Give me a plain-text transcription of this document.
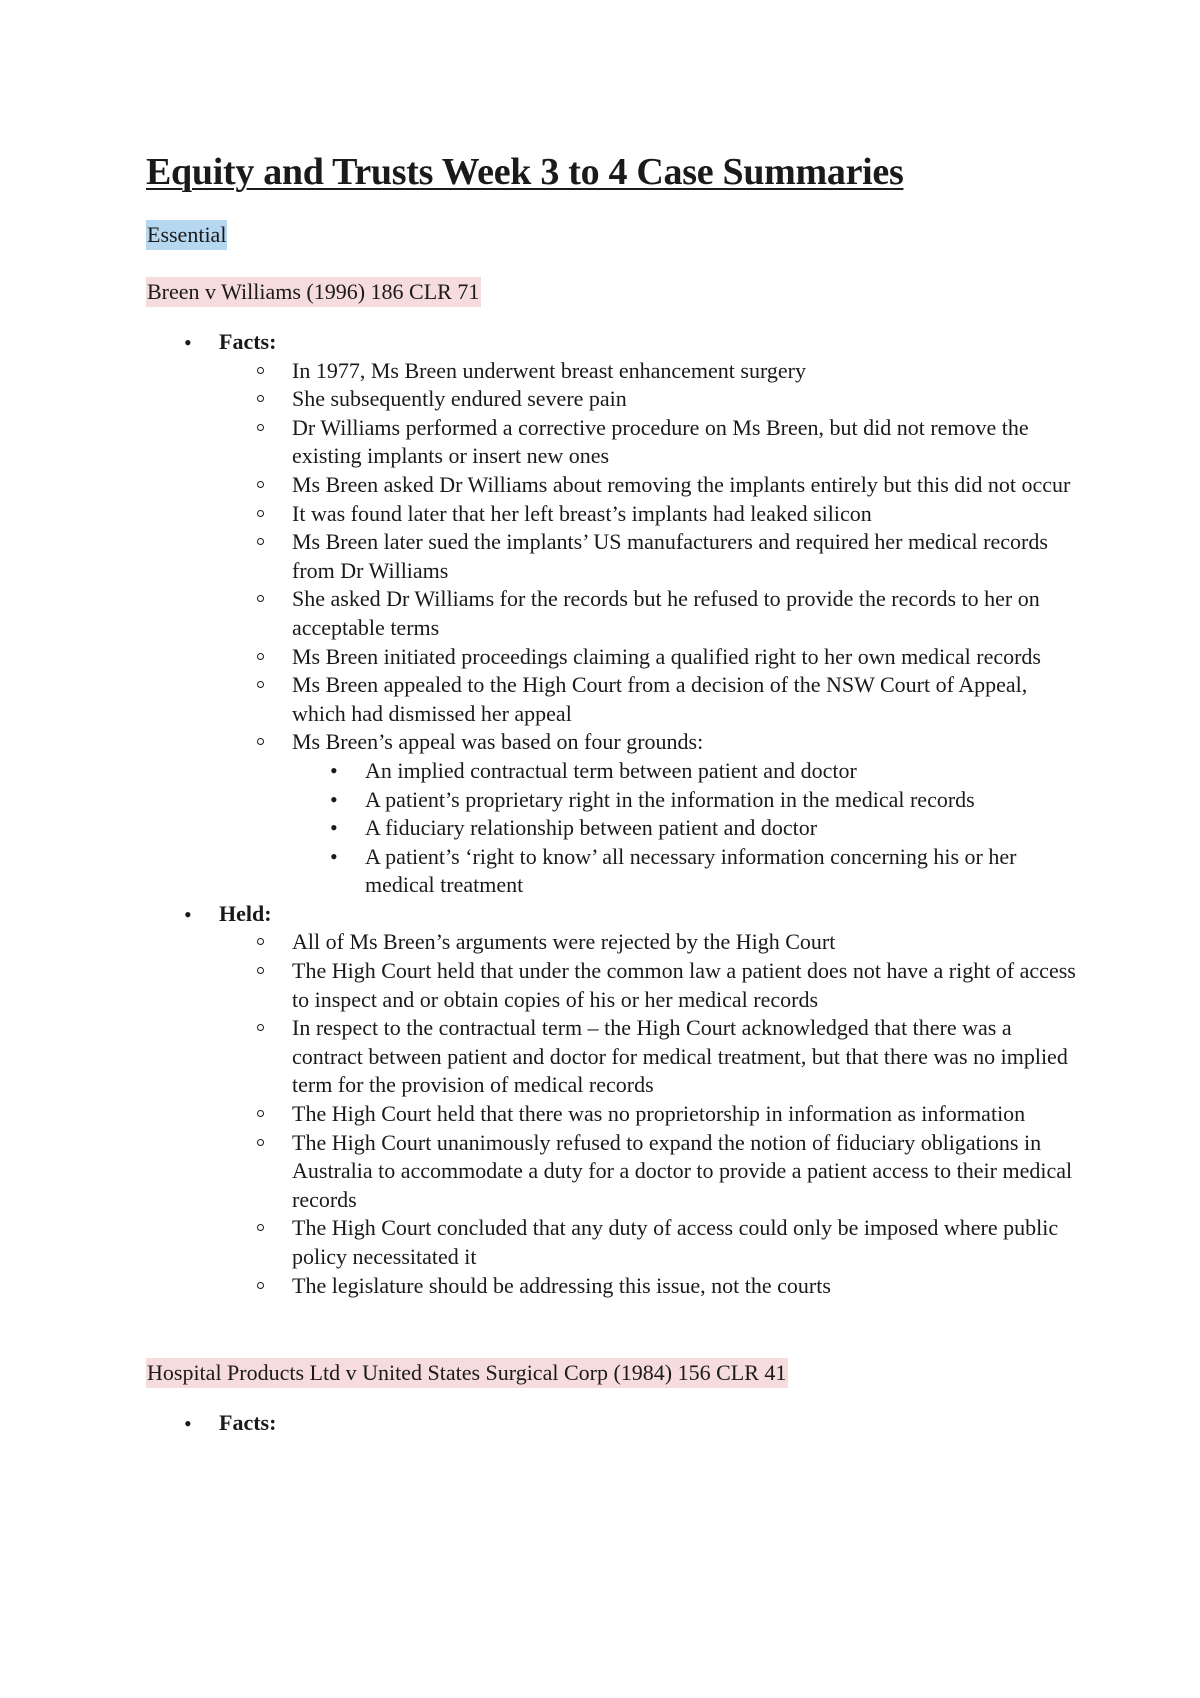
Equity and Trusts Week 3 to 4 Case Summaries
Essential
Breen v Williams (1996) 186 CLR 71
• Facts:
In 1977, Ms Breen underwent breast enhancement surgery
She subsequently endured severe pain
Dr Williams performed a corrective procedure on Ms Breen, but did not remove the existing implants or insert new ones
Ms Breen asked Dr Williams about removing the implants entirely but this did not occur
It was found later that her left breast’s implants had leaked silicon
Ms Breen later sued the implants’ US manufacturers and required her medical records from Dr Williams
She asked Dr Williams for the records but he refused to provide the records to her on acceptable terms
Ms Breen initiated proceedings claiming a qualified right to her own medical records
Ms Breen appealed to the High Court from a decision of the NSW Court of Appeal, which had dismissed her appeal
Ms Breen’s appeal was based on four grounds:
• An implied contractual term between patient and doctor
• A patient’s proprietary right in the information in the medical records
• A fiduciary relationship between patient and doctor
• A patient’s ‘right to know’ all necessary information concerning his or her medical treatment
• Held:
All of Ms Breen’s arguments were rejected by the High Court
The High Court held that under the common law a patient does not have a right of access to inspect and or obtain copies of his or her medical records
In respect to the contractual term – the High Court acknowledged that there was a contract between patient and doctor for medical treatment, but that there was no implied term for the provision of medical records
The High Court held that there was no proprietorship in information as information
The High Court unanimously refused to expand the notion of fiduciary obligations in Australia to accommodate a duty for a doctor to provide a patient access to their medical records
The High Court concluded that any duty of access could only be imposed where public policy necessitated it
The legislature should be addressing this issue, not the courts
Hospital Products Ltd v United States Surgical Corp (1984) 156 CLR 41
• Facts:
